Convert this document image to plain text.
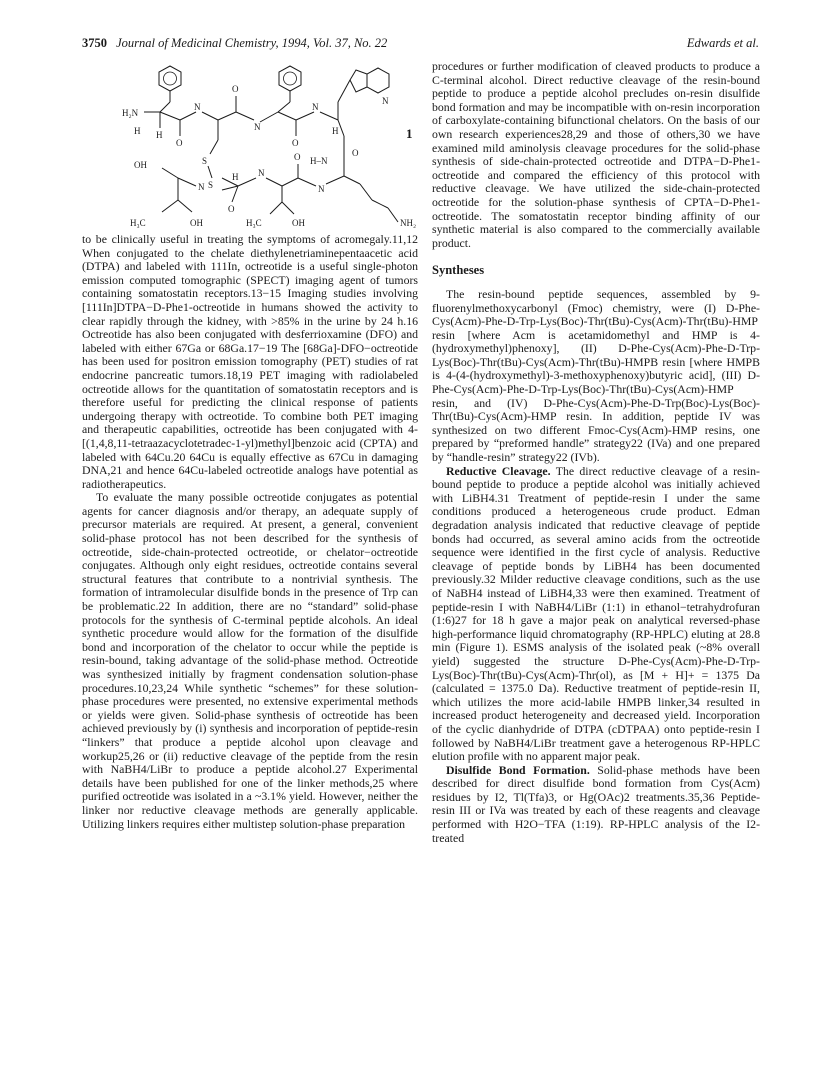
3750 Journal of Medicinal Chemistry, 1994, Vol. 37, No. 22	Edwards et al.
H₂N
H H
O
N
S
S
O
N
O
N
N
H
O
H–N
NH₂
N
O
H₃C	OH
N
H
O
N
OH
H₃C	OH
1

to be clinically useful in treating the symptoms of acromegaly.11,12 When conjugated to the chelate diethylenetriaminepentaacetic acid (DTPA) and labeled with 111In, octreotide is a useful single-photon emission computed tomographic (SPECT) imaging agent of tumors containing somatostatin receptors.13−15 Imaging studies involving [111In]DTPA−D-Phe1-octreotide in humans showed the activity to clear rapidly through the kidney, with >85% in the urine by 24 h.16 Octreotide has also been conjugated with desferrioxamine (DFO) and labeled with either 67Ga or 68Ga.17−19 The [68Ga]-DFO−octreotide has been used for positron emission tomography (PET) studies of rat endocrine pancreatic tumors.18,19 PET imaging with radiolabeled octreotide allows for the quantitation of somatostatin receptors and is therefore useful for predicting the clinical response of patients undergoing therapy with octreotide. To combine both PET imaging and therapeutic capabilities, octreotide has been conjugated with 4-[(1,4,8,11-tetraazacyclotetradec-1-yl)methyl]benzoic acid (CPTA) and labeled with 64Cu.20 64Cu is equally effective as 67Cu in damaging DNA,21 and hence 64Cu-labeled octreotide analogs have potential as radiotherapeutics.

To evaluate the many possible octreotide conjugates as potential agents for cancer diagnosis and/or therapy, an adequate supply of precursor materials are required. At present, a general, convenient solid-phase protocol has not been described for the synthesis of octreotide, side-chain-protected octreotide, or chelator−octreotide conjugates. Although only eight residues, octreotide contains several structural features that contribute to a nontrivial synthesis. The formation of intramolecular disulfide bonds in the presence of Trp can be problematic.22 In addition, there are no “standard” solid-phase protocols for the synthesis of C-terminal peptide alcohols. An ideal synthetic procedure would allow for the formation of the disulfide bond and incorporation of the chelator to occur while the peptide is resin-bound, taking advantage of the solid-phase method. Octreotide was synthesized initially by fragment condensation solution-phase procedures.10,23,24 While synthetic “schemes” for these solution-phase procedures were presented, no extensive experimental methods or yields were given. Solid-phase synthesis of octreotide has been achieved previously by (i) synthesis and incorporation of peptide-resin “linkers” that produce a peptide alcohol upon cleavage and workup25,26 or (ii) reductive cleavage of the peptide from the resin with NaBH4/LiBr to produce a peptide alcohol.27 Experimental details have been published for one of the linker methods,25 where purified octreotide was isolated in a ~3.1% yield. However, neither the linker nor reductive cleavage methods are generally applicable. Utilizing linkers requires either multistep solution-phase preparation

procedures or further modification of cleaved products to produce a C-terminal alcohol. Direct reductive cleavage of the resin-bound peptide to produce a peptide alcohol precludes on-resin disulfide bond formation and may be incompatible with on-resin incorporation of carboxylate-containing bifunctional chelators. On the basis of our own research experiences28,29 and those of others,30 we have examined mild aminolysis cleavage procedures for the solid-phase synthesis of side-chain-protected octreotide and DTPA−D-Phe1-octreotide and compared the efficiency of this protocol with reductive cleavage. We have utilized the side-chain-protected octreotide for the solution-phase synthesis of CPTA−D-Phe1-octreotide. The somatostatin receptor binding affinity of our synthetic material is also compared to the commercially available product.

Syntheses

The resin-bound peptide sequences, assembled by 9-fluorenylmethoxycarbonyl (Fmoc) chemistry, were (I) D-Phe-Cys(Acm)-Phe-D-Trp-Lys(Boc)-Thr(tBu)-Cys(Acm)-Thr(tBu)-HMP resin [where Acm is acetamidomethyl and HMP is 4-(hydroxymethyl)phenoxy], (II) D-Phe-Cys(Acm)-Phe-D-Trp-Lys(Boc)-Thr(tBu)-Cys(Acm)-Thr(tBu)-HMPB resin [where HMPB is 4-(4-(hydroxymethyl)-3-methoxyphenoxy)butyric acid], (III) D-Phe-Cys(Acm)-Phe-D-Trp-Lys(Boc)-Thr(tBu)-Cys(Acm)-HMP resin, and (IV) D-Phe-Cys(Acm)-Phe-D-Trp(Boc)-Lys(Boc)-Thr(tBu)-Cys(Acm)-HMP resin. In addition, peptide IV was synthesized on two different Fmoc-Cys(Acm)-HMP resins, one prepared by “preformed handle” strategy22 (IVa) and one prepared by “handle-resin” strategy22 (IVb).

Reductive Cleavage. The direct reductive cleavage of a resin-bound peptide to produce a peptide alcohol was initially achieved with LiBH4.31 Treatment of peptide-resin I under the same conditions produced a heterogeneous crude product. Edman degradation analysis indicated that reductive cleavage of peptide bonds had occurred, as several amino acids from the octreotide sequence were identified in the first cycle of analysis. Reductive cleavage of peptide bonds by LiBH4 has been documented previously.32 Milder reductive cleavage conditions, such as the use of NaBH4 instead of LiBH4,33 were then examined. Treatment of peptide-resin I with NaBH4/LiBr (1:1) in ethanol−tetrahydrofuran (1:6)27 for 18 h gave a major peak on analytical reversed-phase high-performance liquid chromatography (RP-HPLC) eluting at 28.8 min (Figure 1). ESMS analysis of the isolated peak (~8% overall yield) suggested the structure D-Phe-Cys(Acm)-Phe-D-Trp-Lys(Boc)-Thr(tBu)-Cys(Acm)-Thr(ol), as [M + H]+ = 1375 Da (calculated = 1375.0 Da). Reductive treatment of peptide-resin II, which utilizes the more acid-labile HMPB linker,34 resulted in increased product heterogeneity and decreased yield. Incorporation of the cyclic dianhydride of DTPA (cDTPAA) onto peptide-resin I followed by NaBH4/LiBr treatment gave a heterogenous RP-HPLC elution profile with no apparent major peak.

Disulfide Bond Formation. Solid-phase methods have been described for direct disulfide bond formation from Cys(Acm) residues by I2, Tl(Tfa)3, or Hg(OAc)2 treatments.35,36 Peptide-resin III or IVa was treated by each of these reagents and cleavage performed with H2O−TFA (1:19). RP-HPLC analysis of the I2-treated
